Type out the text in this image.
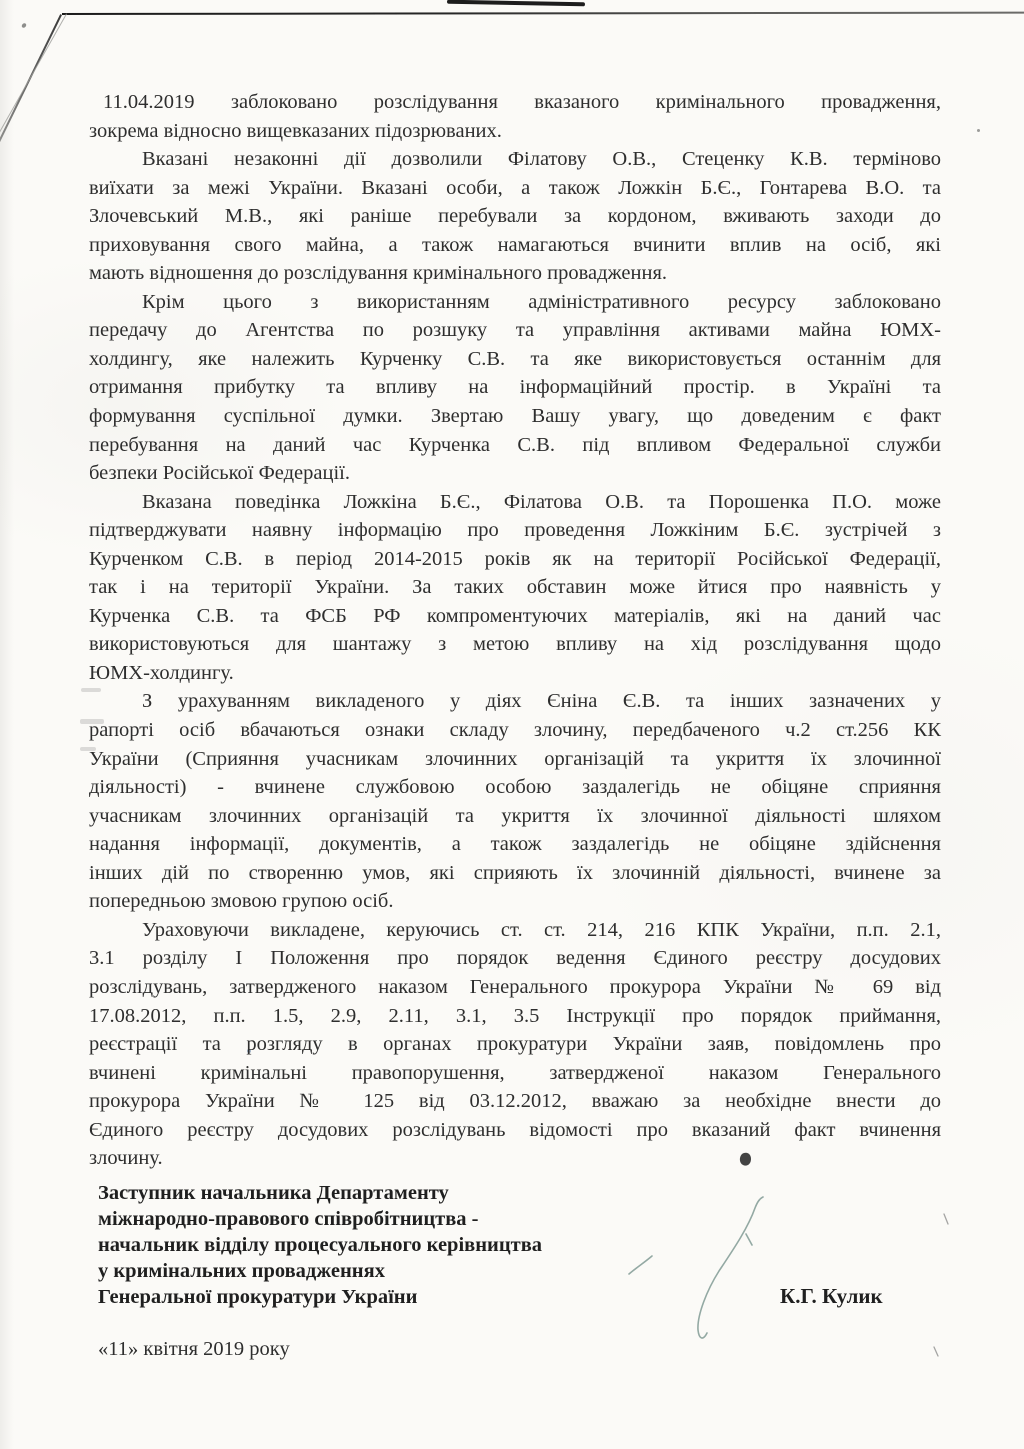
11.04.2019 заблоковано розслідування вказаного кримінального провадження,
зокрема відносно вищевказаних підозрюваних.

Вказані незаконні дії дозволили Філатову О.В., Стеценку К.В. терміново
виїхати за межі України. Вказані особи, а також Ложкін Б.Є., Гонтарева В.О. та
Злочевський М.В., які раніше перебували за кордоном, вживають заходи до
приховування свого майна, а також намагаються вчинити вплив на осіб, які
мають відношення до розслідування кримінального провадження.

Крім цього з використанням адміністративного ресурсу заблоковано
передачу до Агентства по розшуку та управління активами майна ЮМХ-
холдингу, яке належить Курченку С.В. та яке використовується останнім для
отримання прибутку та впливу на інформаційний простір. в Україні та
формування суспільної думки. Звертаю Вашу увагу, що доведеним є факт
перебування на даний час Курченка С.В. під впливом Федеральної служби
безпеки Російської Федерації.

Вказана поведінка Ложкіна Б.Є., Філатова О.В. та Порошенка П.О. може
підтверджувати наявну інформацію про проведення Ложкіним Б.Є. зустрічей з
Курченком С.В. в період 2014-2015 років як на території Російської Федерації,
так і на території України. За таких обставин може йтися про наявність у
Курченка С.В. та ФСБ РФ компроментуючих матеріалів, які на даний час
використовуються для шантажу з метою впливу на хід розслідування щодо
ЮМХ-холдингу.

З урахуванням викладеного у діях Єніна Є.В. та інших зазначених у
рапорті осіб вбачаються ознаки складу злочину, передбаченого ч.2 ст.256 КК
України (Сприяння учасникам злочинних організацій та укриття їх злочинної
діяльності) - вчинене службовою особою заздалегідь не обіцяне сприяння
учасникам злочинних організацій та укриття їх злочинної діяльності шляхом
надання інформації, документів, а також заздалегідь не обіцяне здійснення
інших дій по створенню умов, які сприяють їх злочинній діяльності, вчинене за
попередньою змовою групою осіб.

Ураховуючи викладене, керуючись ст. ст. 214, 216 КПК України, п.п. 2.1,
3.1 розділу І Положення про порядок ведення Єдиного реєстру досудових
розслідувань, затвердженого наказом Генерального прокурора України № 69 від
17.08.2012, п.п. 1.5, 2.9, 2.11, 3.1, 3.5 Інструкції про порядок приймання,
реєстрації та розгляду в органах прокуратури України заяв, повідомлень про
вчинені кримінальні правопорушення, затвердженої наказом Генерального
прокурора України № 125 від 03.12.2012, вважаю за необхідне внести до
Єдиного реєстру досудових розслідувань відомості про вказаний факт вчинення
злочину.

Заступник начальника Департаменту
міжнародно-правового співробітництва -
начальник відділу процесуального керівництва
у кримінальних провадженнях
Генеральної прокуратури України	К.Г. Кулик
«11» квітня 2019 року
